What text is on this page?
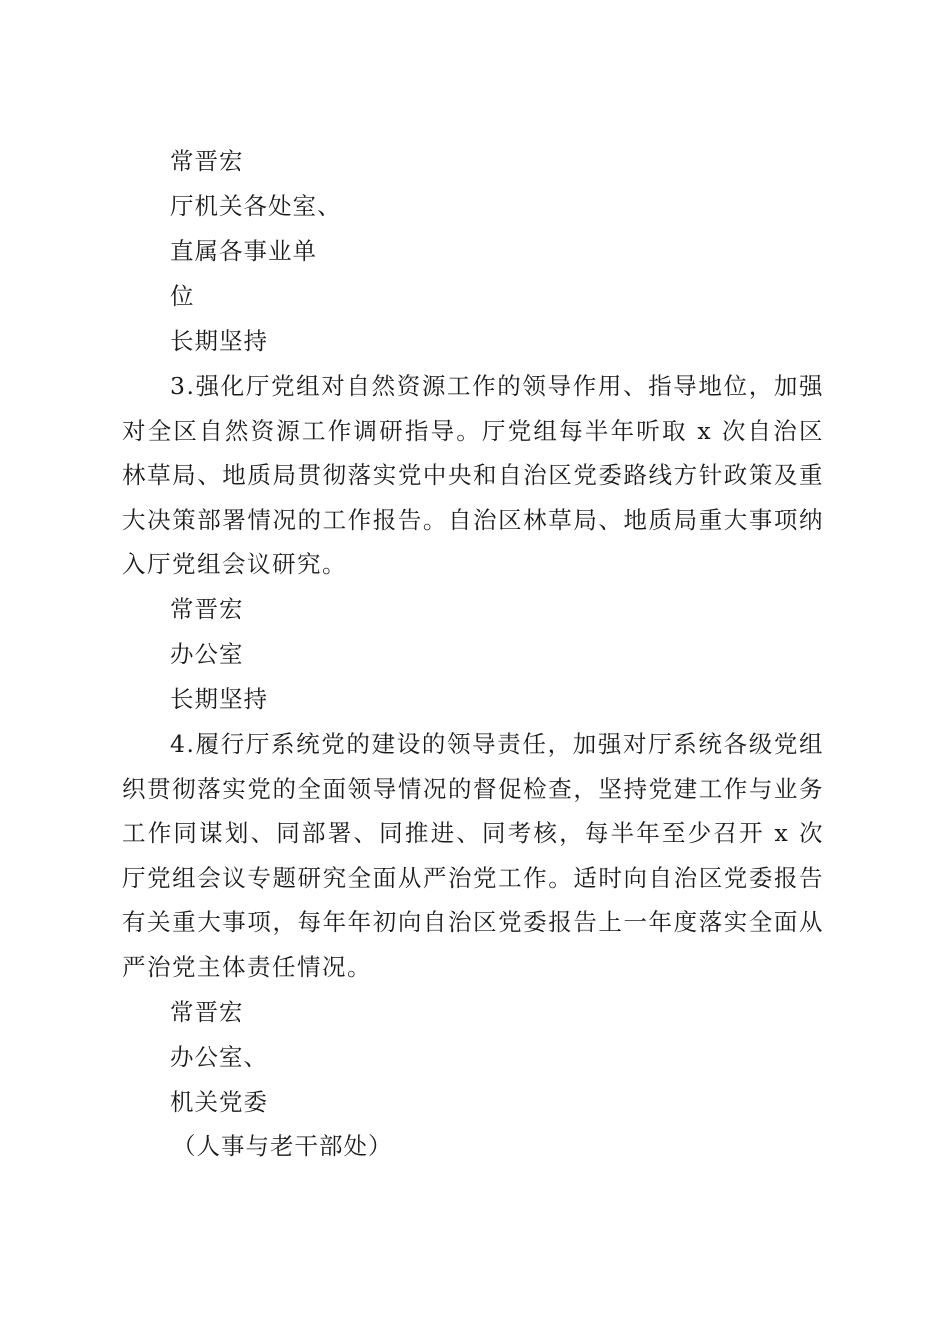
常晋宏
厅机关各处室、
直属各事业单
位
长期坚持
3.强化厅党组对自然资源工作的领导作用、指导地位，加强对全区自然资源工作调研指导。厅党组每半年听取 x 次自治区林草局、地质局贯彻落实党中央和自治区党委路线方针政策及重大决策部署情况的工作报告。自治区林草局、地质局重大事项纳入厅党组会议研究。
常晋宏
办公室
长期坚持
4.履行厅系统党的建设的领导责任，加强对厅系统各级党组织贯彻落实党的全面领导情况的督促检查，坚持党建工作与业务工作同谋划、同部署、同推进、同考核，每半年至少召开 x 次厅党组会议专题研究全面从严治党工作。适时向自治区党委报告有关重大事项，每年年初向自治区党委报告上一年度落实全面从严治党主体责任情况。
常晋宏
办公室、
机关党委
（人事与老干部处）
